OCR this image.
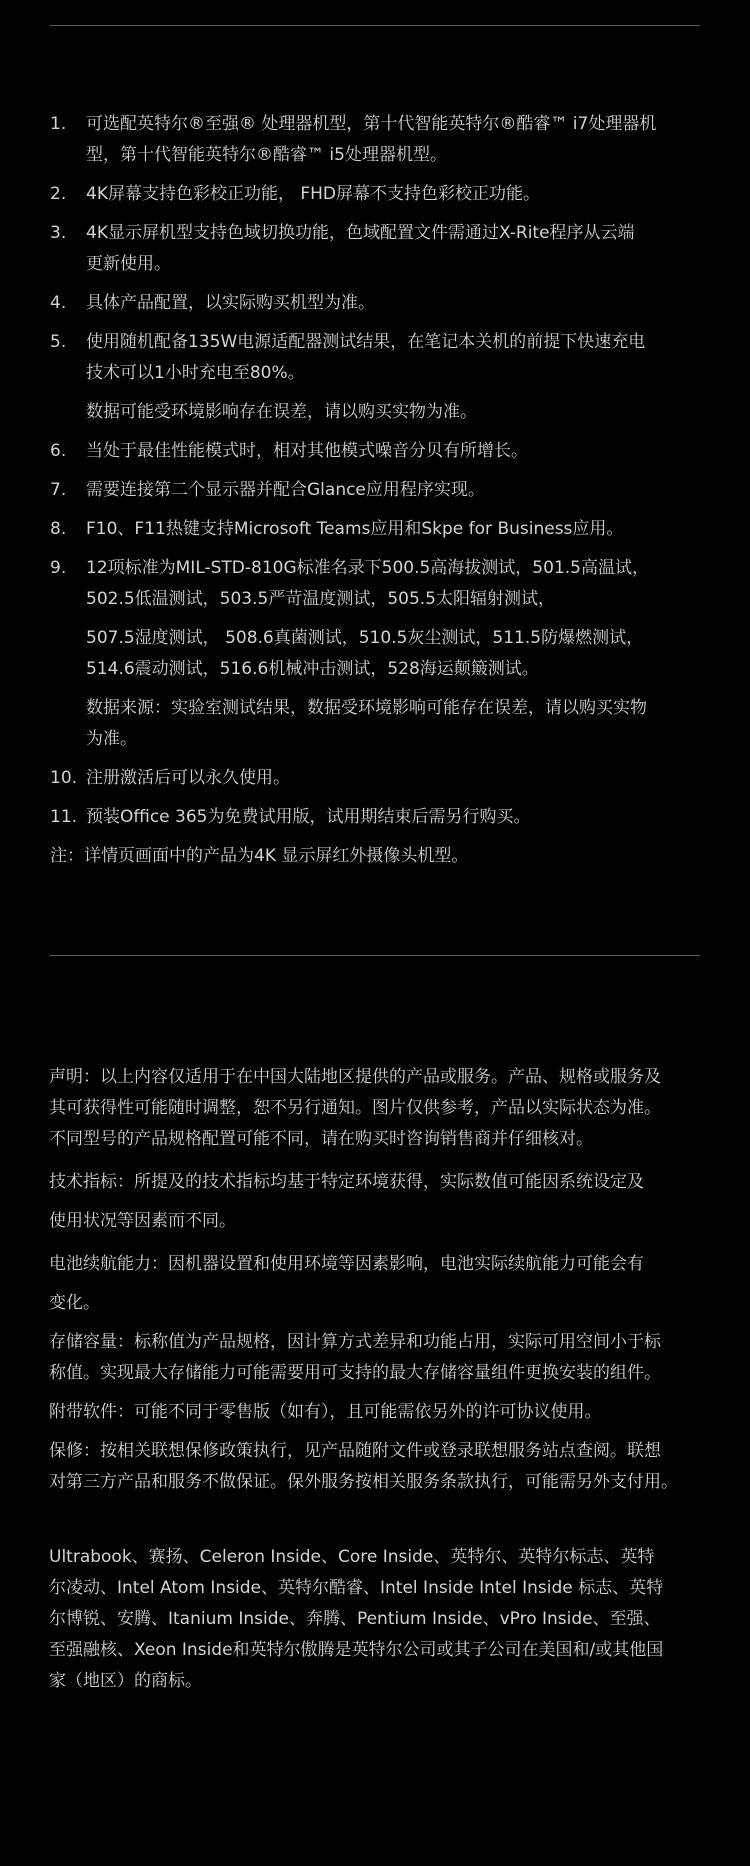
1.	可选配英特尔®至强® 处理器机型，第十代智能英特尔®酷睿™ i7处理器机
型，第十代智能英特尔®酷睿™ i5处理器机型。
2.	4K屏幕支持色彩校正功能， FHD屏幕不支持色彩校正功能。
3.	4K显示屏机型支持色域切换功能，色域配置文件需通过X-Rite程序从云端
更新使用。
4.	具体产品配置，以实际购买机型为准。
5.	使用随机配备135W电源适配器测试结果，在笔记本关机的前提下快速充电
技术可以1小时充电至80%。
数据可能受环境影响存在误差，请以购买实物为准。
6.	当处于最佳性能模式时，相对其他模式噪音分贝有所增长。
7.	需要连接第二个显示器并配合Glance应用程序实现。
8.	F10、F11热键支持Microsoft Teams应用和Skpe for Business应用。
9.	12项标准为MIL-STD-810G标准名录下500.5高海拔测试，501.5高温试，
502.5低温测试，503.5严苛温度测试，505.5太阳辐射测试，
507.5湿度测试， 508.6真菌测试，510.5灰尘测试，511.5防爆燃测试，
514.6震动测试，516.6机械冲击测试，528海运颠簸测试。
数据来源：实验室测试结果，数据受环境影响可能存在误差，请以购买实物
为准。
10. 注册激活后可以永久使用。
11. 预装Office 365为免费试用版，试用期结束后需另行购买。
注：详情页画面中的产品为4K 显示屏红外摄像头机型。

声明：以上内容仅适用于在中国大陆地区提供的产品或服务。产品、规格或服务及
其可获得性可能随时调整，恕不另行通知。图片仅供参考，产品以实际状态为准。
不同型号的产品规格配置可能不同，请在购买时咨询销售商并仔细核对。

技术指标：所提及的技术指标均基于特定环境获得，实际数值可能因系统设定及
使用状况等因素而不同。

电池续航能力：因机器设置和使用环境等因素影响，电池实际续航能力可能会有
变化。

存储容量：标称值为产品规格，因计算方式差异和功能占用，实际可用空间小于标
称值。实现最大存储能力可能需要用可支持的最大存储容量组件更换安装的组件。

附带软件：可能不同于零售版（如有），且可能需依另外的许可协议使用。

保修：按相关联想保修政策执行，见产品随附文件或登录联想服务站点查阅。联想
对第三方产品和服务不做保证。保外服务按相关服务条款执行，可能需另外支付用。

Ultrabook、赛扬、Celeron Inside、Core Inside、英特尔、英特尔标志、英特
尔凌动、Intel Atom Inside、英特尔酷睿、Intel Inside Intel Inside 标志、英特
尔博锐、安腾、Itanium Inside、奔腾、Pentium Inside、vPro Inside、至强、
至强融核、Xeon Inside和英特尔傲腾是英特尔公司或其子公司在美国和/或其他国
家（地区）的商标。
